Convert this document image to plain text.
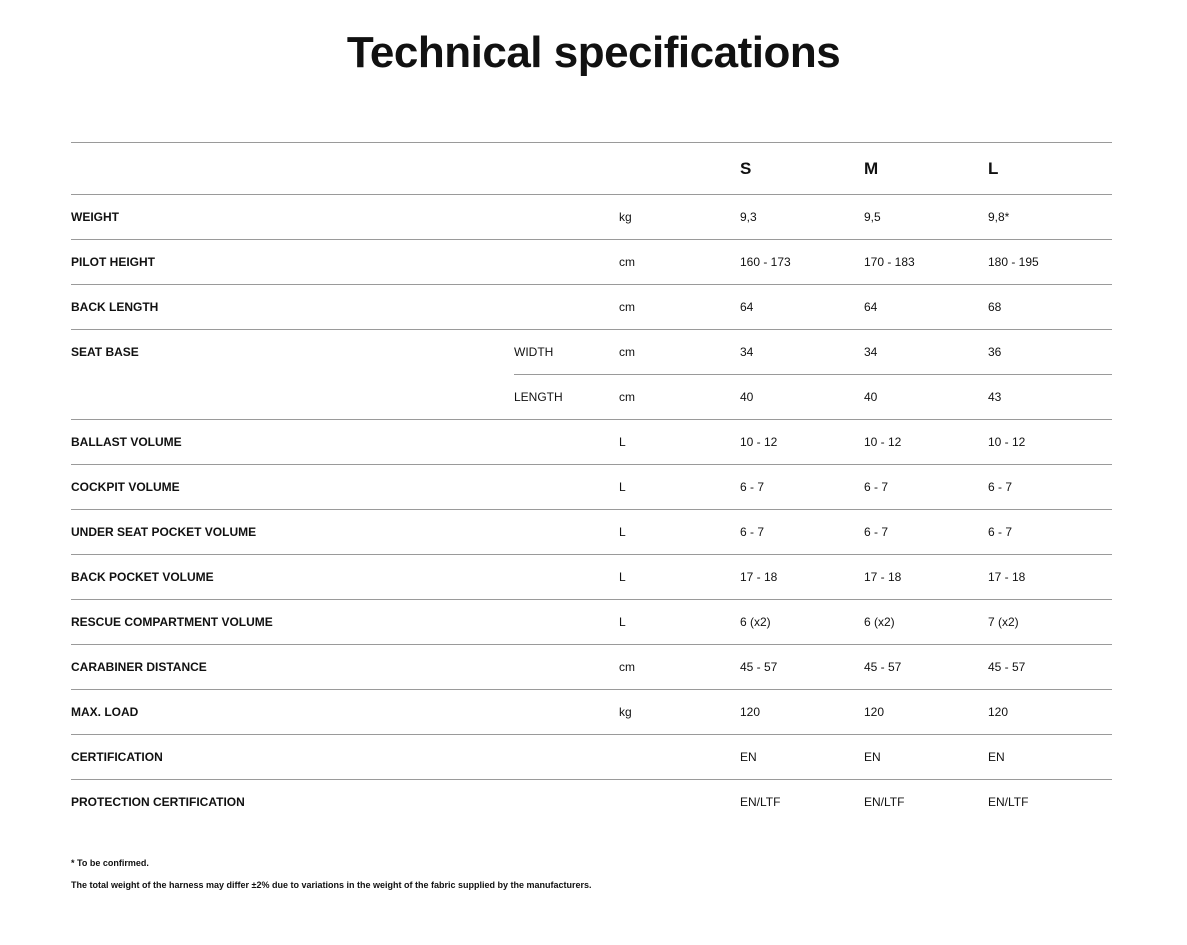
Technical specifications
S	M	L
WEIGHT	kg	9,3	9,5	9,8*
PILOT HEIGHT	cm	160 - 173	170 - 183	180 - 195
BACK LENGTH	cm	64	64	68
SEAT BASE	WIDTH	cm	34	34	36
LENGTH	cm	40	40	43
BALLAST VOLUME	L	10 - 12	10 - 12	10 - 12
COCKPIT VOLUME	L	6 - 7	6 - 7	6 - 7
UNDER SEAT POCKET VOLUME	L	6 - 7	6 - 7	6 - 7
BACK POCKET VOLUME	L	17 - 18	17 - 18	17 - 18
RESCUE COMPARTMENT VOLUME	L	6 (x2)	6 (x2)	7 (x2)
CARABINER DISTANCE	cm	45 - 57	45 - 57	45 - 57
MAX. LOAD	kg	120	120	120
CERTIFICATION	EN	EN	EN
PROTECTION CERTIFICATION	EN/LTF	EN/LTF	EN/LTF

* To be confirmed.

The total weight of the harness may differ ±2% due to variations in the weight of the fabric supplied by the manufacturers.
